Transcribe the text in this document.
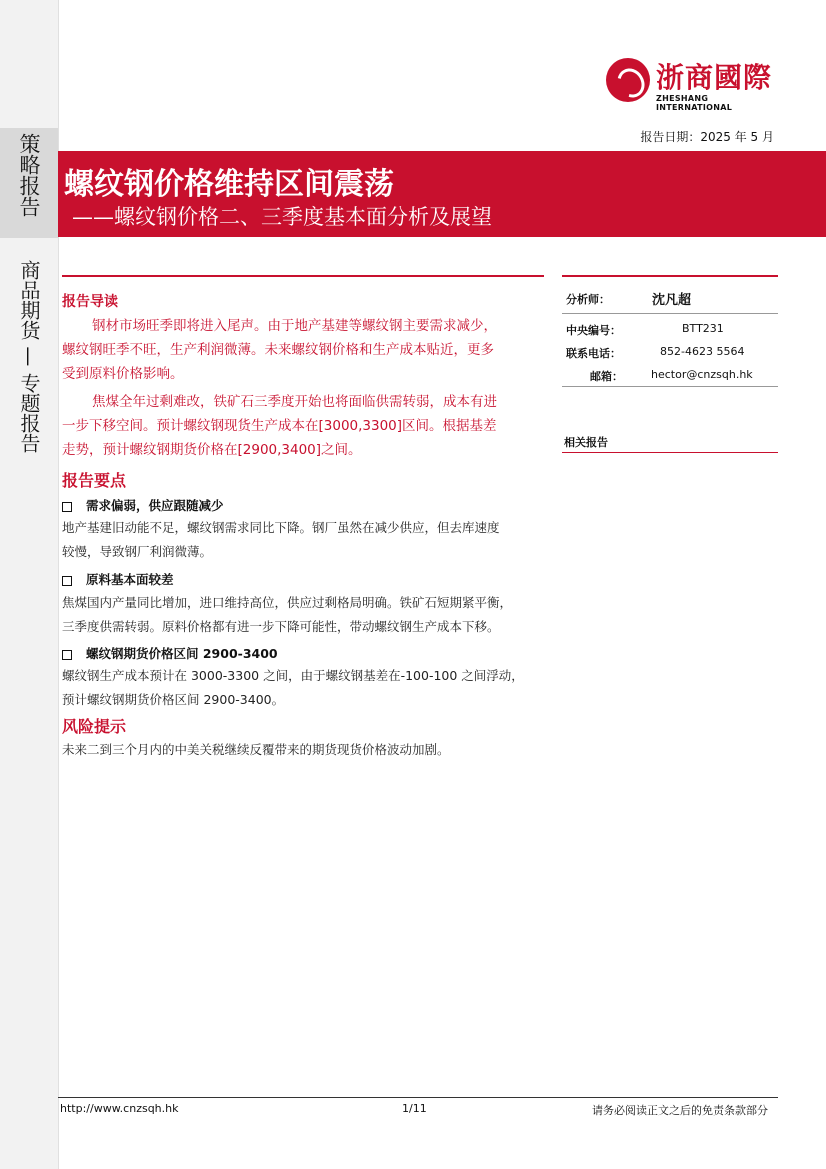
策略报告
商品期货 — 专题报告
浙商國際
ZHESHANG INTERNATIONAL
报告日期：2025 年 5 月
螺纹钢价格维持区间震荡
——螺纹钢价格二、三季度基本面分析及展望
报告导读
钢材市场旺季即将进入尾声。由于地产基建等螺纹钢主要需求减少，
螺纹钢旺季不旺，生产利润微薄。未来螺纹钢价格和生产成本贴近，更多
受到原料价格影响。
焦煤全年过剩难改，铁矿石三季度开始也将面临供需转弱，成本有进
一步下移空间。预计螺纹钢现货生产成本在[3000,3300]区间。根据基差
走势，预计螺纹钢期货价格在[2900,3400]之间。
报告要点
需求偏弱，供应跟随减少
地产基建旧动能不足，螺纹钢需求同比下降。钢厂虽然在减少供应，但去库速度
较慢，导致钢厂利润微薄。
原料基本面较差
焦煤国内产量同比增加，进口维持高位，供应过剩格局明确。铁矿石短期紧平衡，
三季度供需转弱。原料价格都有进一步下降可能性，带动螺纹钢生产成本下移。
螺纹钢期货价格区间 2900-3400
螺纹钢生产成本预计在 3000-3300 之间，由于螺纹钢基差在-100-100 之间浮动，
预计螺纹钢期货价格区间 2900-3400。
风险提示
未来二到三个月内的中美关税继续反覆带来的期货现货价格波动加剧。
分析师：	沈凡超
中央编号：	BTT231
联系电话：	852-4623 5564
邮箱：	hector@cnzsqh.hk
相关报告
http://www.cnzsqh.hk	1/11	请务必阅读正文之后的免责条款部分
